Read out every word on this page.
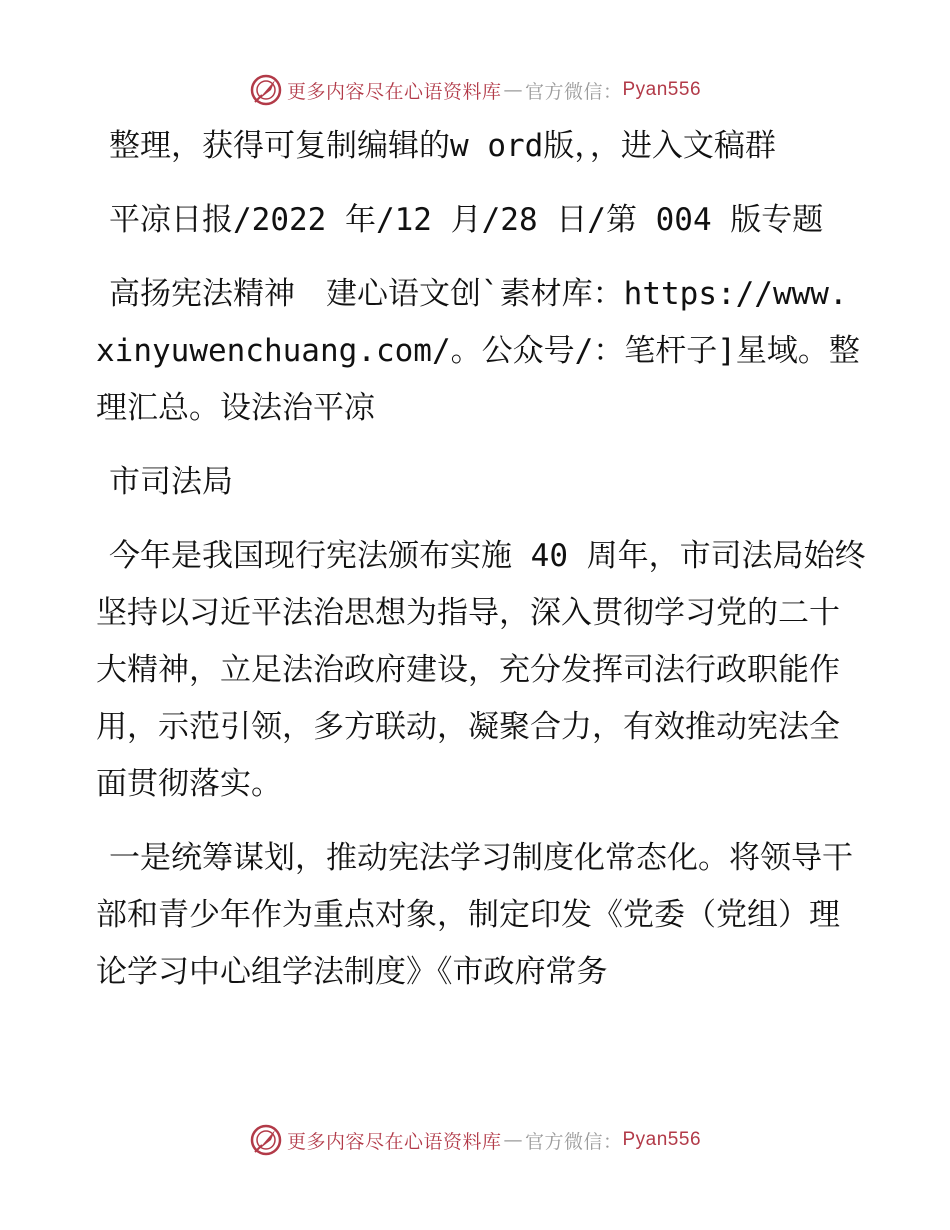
更多内容尽在心语资料库 — 官方微信： Pyan556

整理，获得可复制编辑的w ord版，，进入文稿群

平凉日报/2022 年/12 月/28 日/第 004 版专题

高扬宪法精神　建心语文创`素材库：https://www.xinyuwenchuang.com/。公众号/：笔杆子]星域。整理汇总。设法治平凉

市司法局

今年是我国现行宪法颁布实施 40 周年，市司法局始终坚持以习近平法治思想为指导，深入贯彻学习党的二十大精神，立足法治政府建设，充分发挥司法行政职能作用，示范引领，多方联动，凝聚合力，有效推动宪法全面贯彻落实。

一是统筹谋划，推动宪法学习制度化常态化。将领导干部和青少年作为重点对象，制定印发《党委（党组）理论学习中心组学法制度》《市政府常务

更多内容尽在心语资料库 — 官方微信： Pyan556
